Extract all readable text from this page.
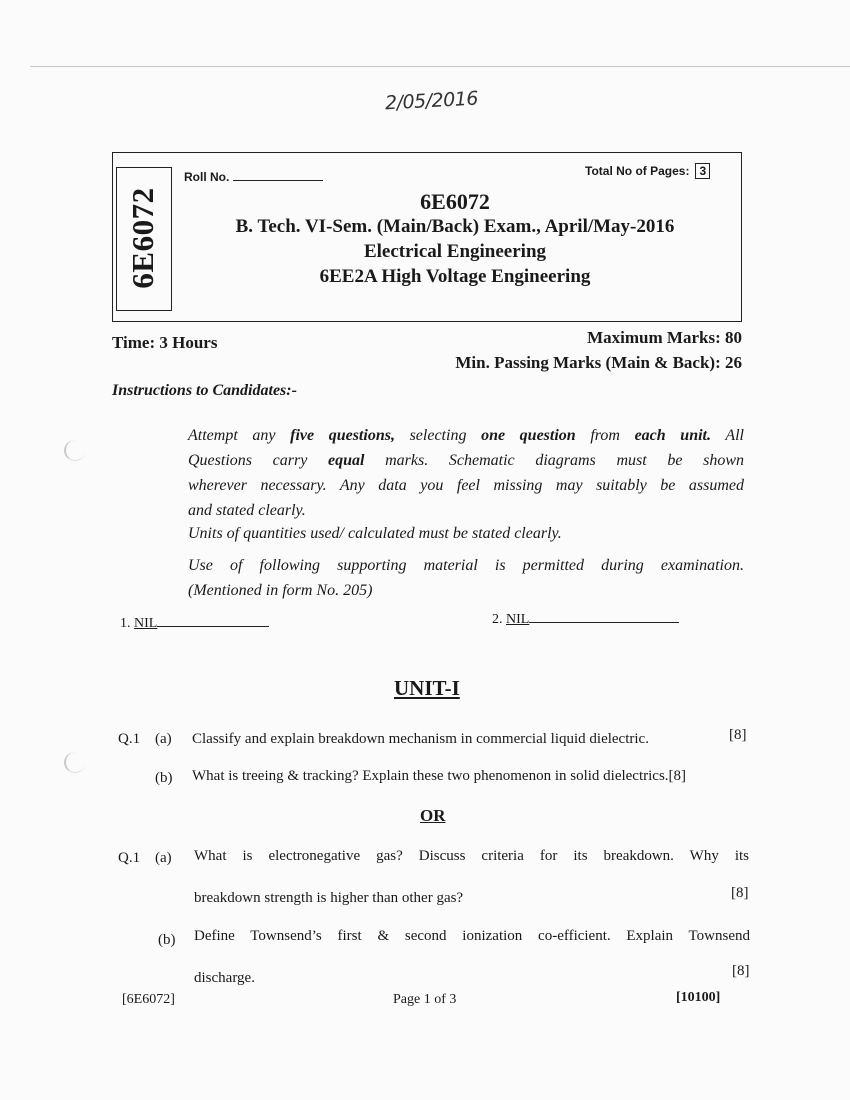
2/05/2016
6E6072
Roll No.	Total No of Pages: 3
6E6072
B. Tech. VI-Sem. (Main/Back) Exam., April/May-2016
Electrical Engineering
6EE2A High Voltage Engineering
Time: 3 Hours	Maximum Marks: 80
Min. Passing Marks (Main & Back): 26
Instructions to Candidates:-
Attempt any five questions, selecting one question from each unit. All
Questions carry equal marks. Schematic diagrams must be shown
wherever necessary. Any data you feel missing may suitably be assumed
and stated clearly.
Units of quantities used/ calculated must be stated clearly.
Use of following supporting material is permitted during examination.
(Mentioned in form No. 205)
1. NIL	2. NIL
UNIT-I
Q.1 (a) Classify and explain breakdown mechanism in commercial liquid dielectric.	[8]
(b) What is treeing & tracking? Explain these two phenomenon in solid dielectrics.[8]
OR
Q.1 (a) What is electronegative gas? Discuss criteria for its breakdown. Why its
breakdown strength is higher than other gas?	[8]
(b) Define Townsend’s first & second ionization co-efficient. Explain Townsend
discharge.	[8]
[6E6072]	Page 1 of 3	[10100]
